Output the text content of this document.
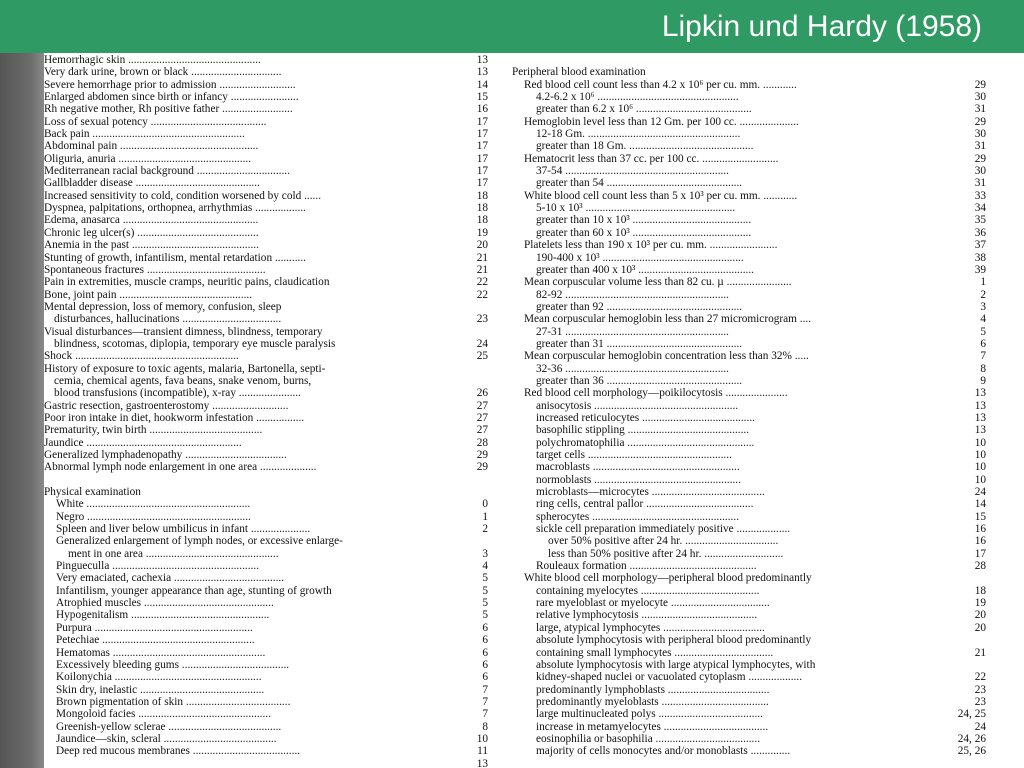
Lipkin und Hardy (1958)
Hemorrhagic skin ...............................................	13
Very dark urine, brown or black ................................	13
Severe hemorrhage prior to admission ...........................	14
Enlarged abdomen since birth or infancy ........................	15
Rh negative mother, Rh positive father .........................	16
Loss of sexual potency .........................................	17
Back pain ......................................................	17
Abdominal pain .................................................	17
Oliguria, anuria ...............................................	17
Mediterranean racial background .................................	17
Gallbladder disease ............................................	17
Increased sensitivity to cold, condition worsened by cold ......	18
Dyspnea, palpitations, orthopnea, arrhythmias ..................	18
Edema, anasarca ................................................	18
Chronic leg ulcer(s) ...........................................	19
Anemia in the past .............................................	20
Stunting of growth, infantilism, mental retardation ...........	21
Spontaneous fractures ..........................................	21
Pain in extremities, muscle cramps, neuritic pains, claudication	22
Bone, joint pain ...............................................	22
Mental depression, loss of memory, confusion, sleep
disturbances, hallucinations ...................................	23
Visual disturbances—transient dimness, blindness, temporary
blindness, scotomas, diplopia, temporary eye muscle paralysis	24
Shock ..........................................................	25
History of exposure to toxic agents, malaria, Bartonella, septi-
cemia, chemical agents, fava beans, snake venom, burns,
blood transfusions (incompatible), x-ray ......................	26
Gastric resection, gastroenterostomy ...........................	27
Poor iron intake in diet, hookworm infestation .................	27
Prematurity, twin birth ........................................	27
Jaundice .......................................................	28
Generalized lymphadenopathy ....................................	29
Abnormal lymph node enlargement in one area ....................	29
Physical examination
White ..........................................................	0
Negro ..........................................................	1
Spleen and liver below umbilicus in infant .....................	2
Generalized enlargement of lymph nodes, or excessive enlarge-
ment in one area ...............................................	3
Pingueculla ....................................................	4
Very emaciated, cachexia .......................................	5
Infantilism, younger appearance than age, stunting of growth	5
Atrophied muscles ..............................................	5
Hypogenitalism .................................................	5
Purpura ........................................................	6
Petechiae ......................................................	6
Hematomas ......................................................	6
Excessively bleeding gums ......................................	6
Koilonychia ....................................................	6
Skin dry, inelastic ............................................	7
Brown pigmentation of skin .....................................	7
Mongoloid facies ...............................................	7
Greenish-yellow sclerae ........................................	8
Jaundice—skin, scleral ........................................	10
Deep red mucous membranes ......................................	11
13
Peripheral blood examination
Red blood cell count less than 4.2 x 10⁶ per cu. mm. ............	29
4.2-6.2 x 10⁶ ..................................................	30
greater than 6.2 x 10⁶ .........................................	31
Hemoglobin level less than 12 Gm. per 100 cc. .....................	29
12-18 Gm. ......................................................	30
greater than 18 Gm. ............................................	31
Hematocrit less than 37 cc. per 100 cc. ...........................	29
37-54 ..........................................................	30
greater than 54 ................................................	31
White blood cell count less than 5 x 10³ per cu. mm. ............	33
5-10 x 10³ .....................................................	34
greater than 10 x 10³ ..........................................	35
greater than 60 x 10³ ..........................................	36
Platelets less than 190 x 10³ per cu. mm. ........................	37
190-400 x 10³ ..................................................	38
greater than 400 x 10³ .........................................	39
Mean corpuscular volume less than 82 cu. µ .......................	1
82-92 ..........................................................	2
greater than 92 ................................................	3
Mean corpuscular hemoglobin less than 27 micromicrogram ....	4
27-31 ..........................................................	5
greater than 31 ................................................	6
Mean corpuscular hemoglobin concentration less than 32% .....	7
32-36 ..........................................................	8
greater than 36 ................................................	9
Red blood cell morphology—poikilocytosis ......................	13
anisocytosis ...................................................	13
increased reticulocytes ........................................	13
basophilic stippling ...........................................	13
polychromatophilia .............................................	10
target cells ...................................................	10
macroblasts ....................................................	10
normoblasts ....................................................	10
microblasts—microcytes ........................................	24
ring cells, central pallor ......................................	14
spherocytes ....................................................	15
sickle cell preparation immediately positive ...................	16
over 50% positive after 24 hr. .................................	16
less than 50% positive after 24 hr. ............................	17
Rouleaux formation .............................................	28
White blood cell morphology—peripheral blood predominantly
containing myelocytes ..........................................	18
rare myeloblast or myelocyte ...................................	19
relative lymphocytosis .........................................	20
large, atypical lymphocytes ....................................	20
absolute lymphocytosis with peripheral blood predominantly
containing small lymphocytes ...................................	21
absolute lymphocytosis with large atypical lymphocytes, with
kidney-shaped nuclei or vacuolated cytoplasm ...................	22
predominantly lymphoblasts ....................................	23
predominantly myeloblasts ......................................	23
large multinucleated polys .....................................	24, 25
increase in metamyelocytes .....................................	24
eosinophilia or basophilia .....................................	24, 26
majority of cells monocytes and/or monoblasts ..............	25, 26
